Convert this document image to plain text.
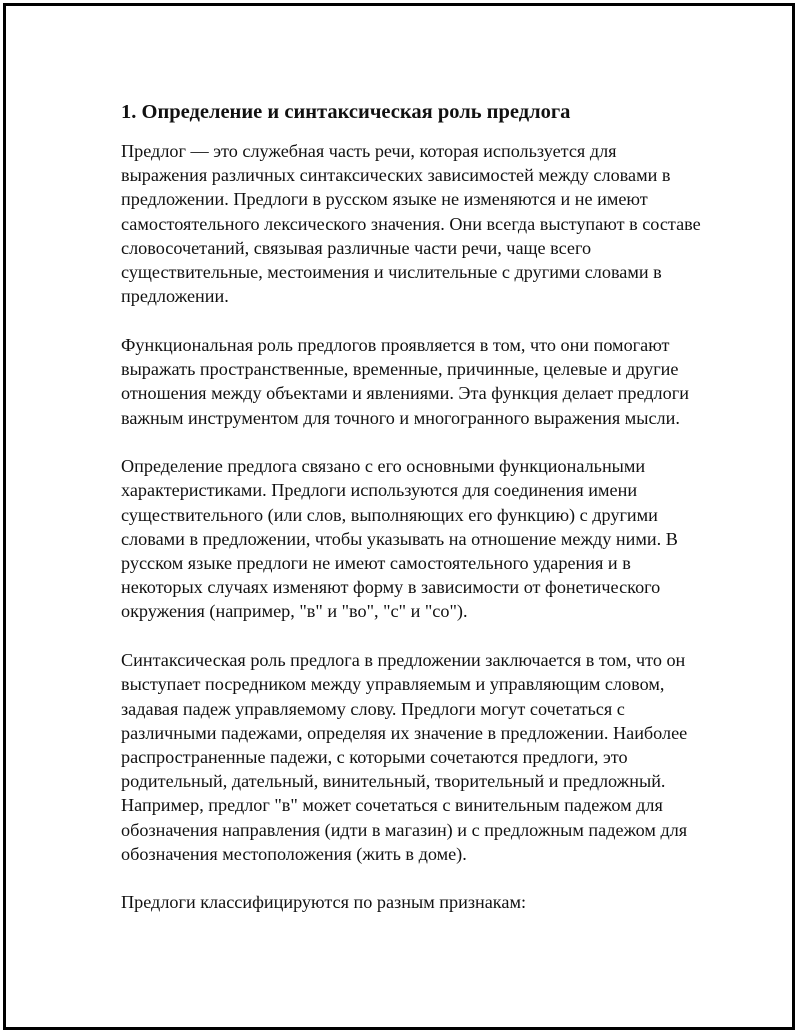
1. Определение и синтаксическая роль предлога

Предлог — это служебная часть речи, которая используется для выражения различных синтаксических зависимостей между словами в предложении. Предлоги в русском языке не изменяются и не имеют самостоятельного лексического значения. Они всегда выступают в составе словосочетаний, связывая различные части речи, чаще всего существительные, местоимения и числительные с другими словами в предложении.

Функциональная роль предлогов проявляется в том, что они помогают выражать пространственные, временные, причинные, целевые и другие отношения между объектами и явлениями. Эта функция делает предлоги важным инструментом для точного и многогранного выражения мысли.

Определение предлога связано с его основными функциональными характеристиками. Предлоги используются для соединения имени существительного (или слов, выполняющих его функцию) с другими словами в предложении, чтобы указывать на отношение между ними. В русском языке предлоги не имеют самостоятельного ударения и в некоторых случаях изменяют форму в зависимости от фонетического окружения (например, "в" и "во", "с" и "со").

Синтаксическая роль предлога в предложении заключается в том, что он выступает посредником между управляемым и управляющим словом, задавая падеж управляемому слову. Предлоги могут сочетаться с различными падежами, определяя их значение в предложении. Наиболее распространенные падежи, с которыми сочетаются предлоги, это родительный, дательный, винительный, творительный и предложный. Например, предлог "в" может сочетаться с винительным падежом для обозначения направления (идти в магазин) и с предложным падежом для обозначения местоположения (жить в доме).

Предлоги классифицируются по разным признакам:
